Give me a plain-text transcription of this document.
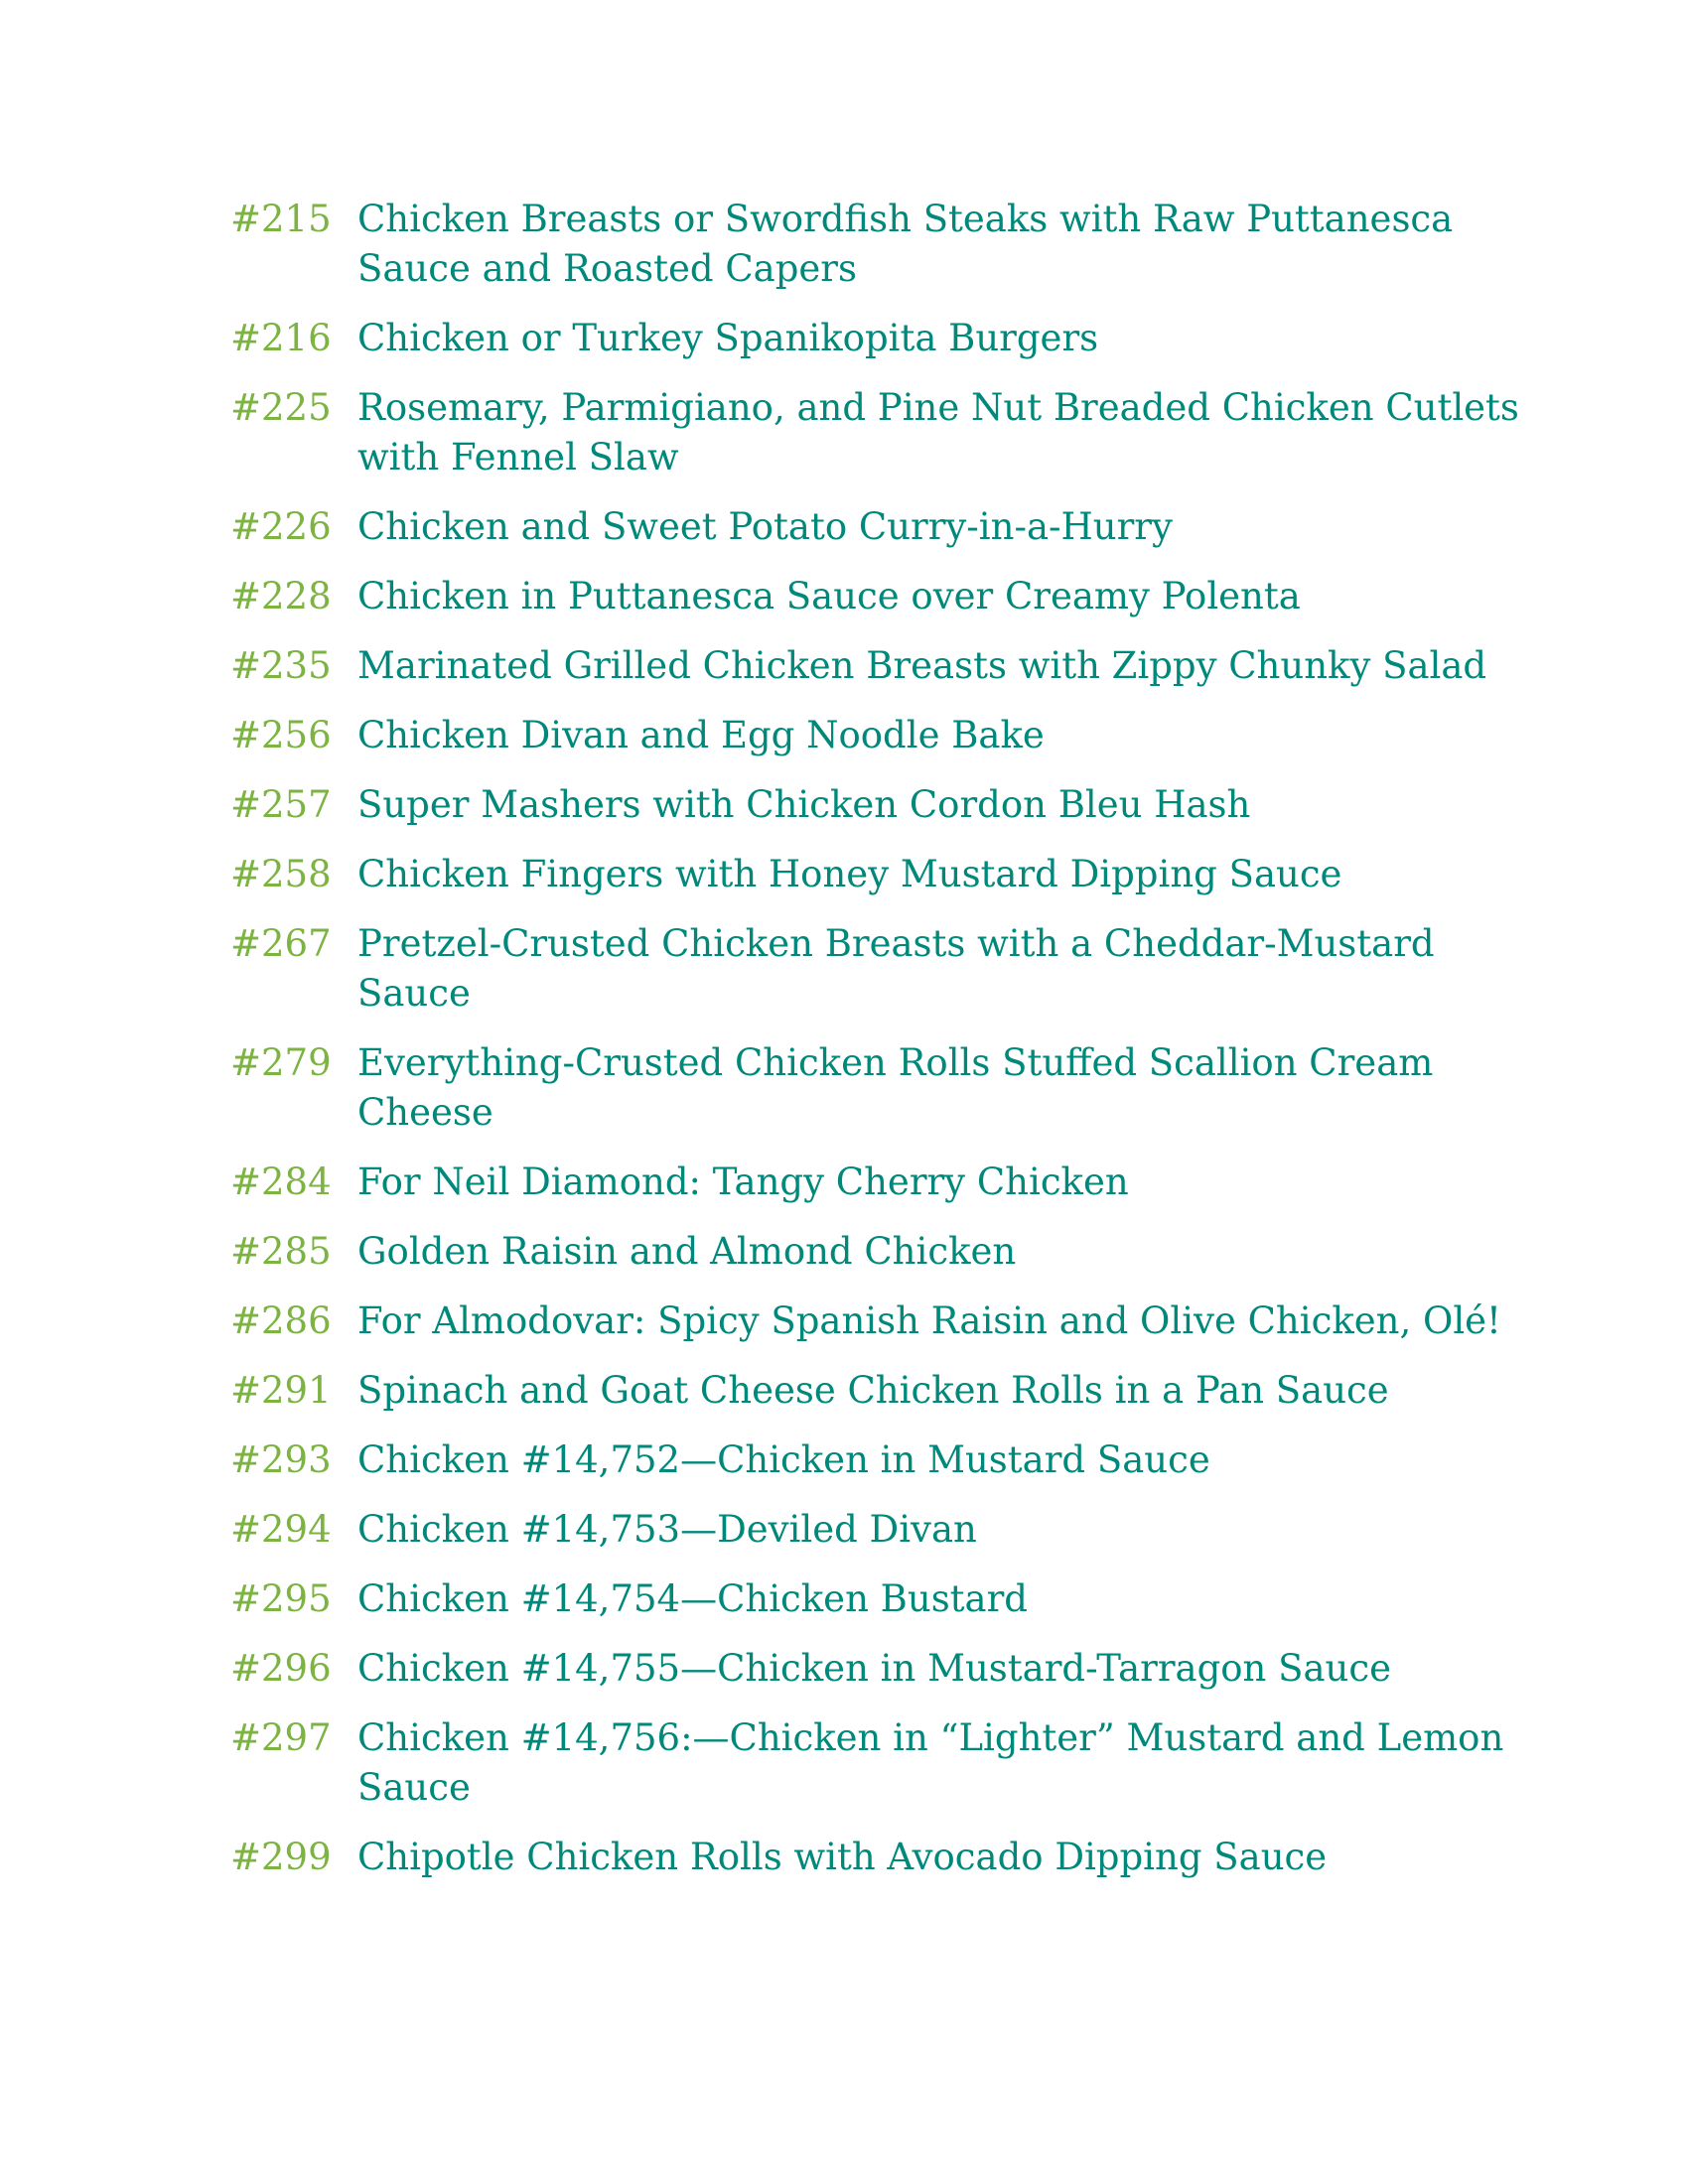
#215 Chicken Breasts or Swordfish Steaks with Raw Puttanesca Sauce and Roasted Capers
#216 Chicken or Turkey Spanikopita Burgers
#225 Rosemary, Parmigiano, and Pine Nut Breaded Chicken Cutlets with Fennel Slaw
#226 Chicken and Sweet Potato Curry-in-a-Hurry
#228 Chicken in Puttanesca Sauce over Creamy Polenta
#235 Marinated Grilled Chicken Breasts with Zippy Chunky Salad
#256 Chicken Divan and Egg Noodle Bake
#257 Super Mashers with Chicken Cordon Bleu Hash
#258 Chicken Fingers with Honey Mustard Dipping Sauce
#267 Pretzel-Crusted Chicken Breasts with a Cheddar-Mustard Sauce
#279 Everything-Crusted Chicken Rolls Stuffed Scallion Cream Cheese
#284 For Neil Diamond: Tangy Cherry Chicken
#285 Golden Raisin and Almond Chicken
#286 For Almodovar: Spicy Spanish Raisin and Olive Chicken, Olé!
#291 Spinach and Goat Cheese Chicken Rolls in a Pan Sauce
#293 Chicken #14,752—Chicken in Mustard Sauce
#294 Chicken #14,753—Deviled Divan
#295 Chicken #14,754—Chicken Bustard
#296 Chicken #14,755—Chicken in Mustard-Tarragon Sauce
#297 Chicken #14,756:—Chicken in “Lighter” Mustard and Lemon Sauce
#299 Chipotle Chicken Rolls with Avocado Dipping Sauce
